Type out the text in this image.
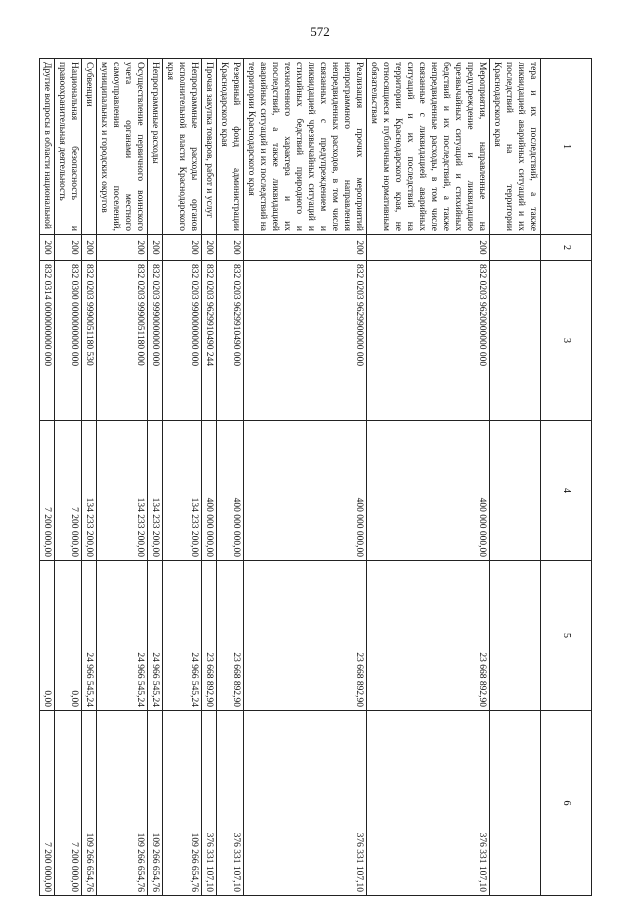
572
1	2	3	4	5	6
тера и их последствий, а также ликвидацией аварийных ситуаций и их последствий на территории Краснодарского края					
Мероприятия, направленные на предупреждение и ликвидацию чрезвычайных ситуаций и стихийных бедствий и их последствий, а также непредвиденные расходы, в том числе связанные с ликвидацией аварийных ситуаций и их последствий на территории Краснодарского края, не относящиеся к публичным нормативным обязательствам	200	832 0203 9620000000 000	400 000 000,00	23 668 892,90	376 331 107,10
Реализация прочих мероприятий непрограммного направления непредвиденных расходов, в том числе связанных с предупреждением и ликвидацией чрезвычайных ситуаций и стихийных бедствий природного и техногенного характера и их последствий, а также ликвидацией аварийных ситуаций и их последствий на территории Краснодарского края	200	832 0203 9629900000 000	400 000 000,00	23 668 892,90	376 331 107,10
Резервный фонд администрации Краснодарского края	200	832 0203 9629910490 000	400 000 000,00	23 668 892,90	376 331 107,10
Прочая закупка товаров, работ и услуг	200	832 0203 9629910490 244	400 000 000,00	23 668 892,90	376 331 107,10
Непрограммные расходы органов исполнительной власти Краснодарского края	200	832 0203 9900000000 000	134 233 200,00	24 966 545,24	109 266 654,76
Непрограммные расходы	200	832 0203 9990000000 000	134 233 200,00	24 966 545,24	109 266 654,76
Осуществление первичного воинского учета органами местного самоуправления поселений, муниципальных и городских округов	200	832 0203 9990051180 000	134 233 200,00	24 966 545,24	109 266 654,76
Субвенции	200	832 0203 9990051180 530	134 233 200,00	24 966 545,24	109 266 654,76
Национальная безопасность и правоохранительная деятельность	200	832 0300 0000000000 000	7 200 000,00	0,00	7 200 000,00
Другие вопросы в области национальной	200	832 0314 0000000000 000	7 200 000,00	0,00	7 200 000,00
